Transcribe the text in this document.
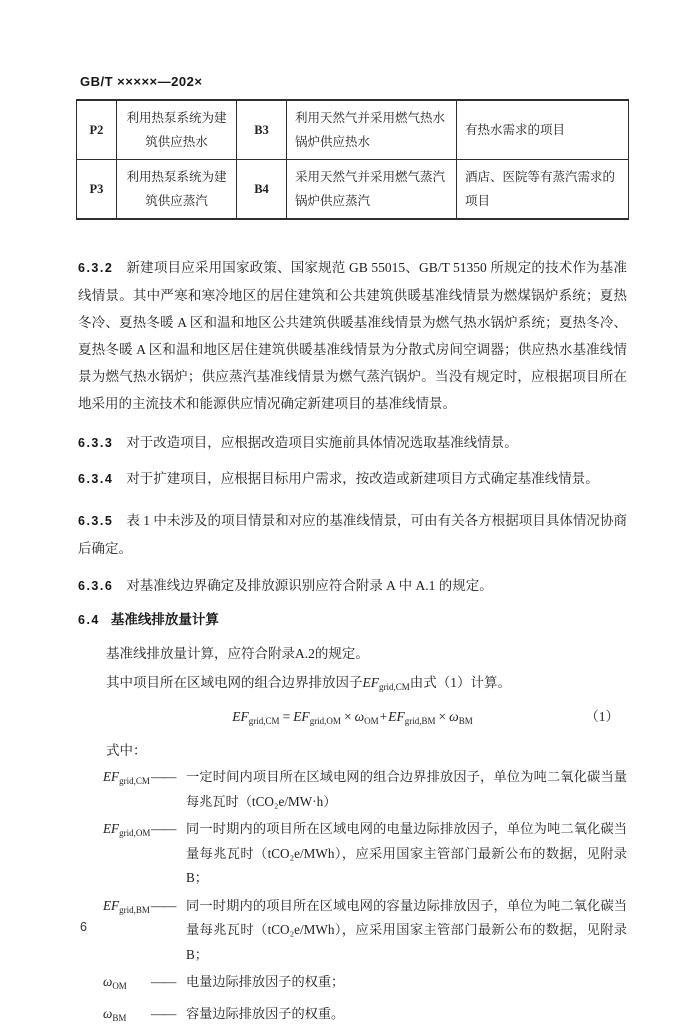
GB/T ×××××—202×
P2	利用热泵系统为建筑供应热水	B3	利用天然气并采用燃气热水锅炉供应热水	有热水需求的项目
P3	利用热泵系统为建筑供应蒸汽	B4	采用天然气并采用燃气蒸汽锅炉供应蒸汽	酒店、医院等有蒸汽需求的项目

6.3.2 新建项目应采用国家政策、国家规范 GB 55015、GB/T 51350 所规定的技术作为基准线情景。其中严寒和寒冷地区的居住建筑和公共建筑供暖基准线情景为燃煤锅炉系统；夏热冬冷、夏热冬暖 A 区和温和地区公共建筑供暖基准线情景为燃气热水锅炉系统；夏热冬冷、夏热冬暖 A 区和温和地区居住建筑供暖基准线情景为分散式房间空调器；供应热水基准线情景为燃气热水锅炉；供应蒸汽基准线情景为燃气蒸汽锅炉。当没有规定时，应根据项目所在地采用的主流技术和能源供应情况确定新建项目的基准线情景。

6.3.3 对于改造项目，应根据改造项目实施前具体情况选取基准线情景。

6.3.4 对于扩建项目，应根据目标用户需求，按改造或新建项目方式确定基准线情景。

6.3.5 表 1 中未涉及的项目情景和对应的基准线情景，可由有关各方根据项目具体情况协商后确定。

6.3.6 对基准线边界确定及排放源识别应符合附录 A 中 A.1 的规定。

6.4 基准线排放量计算

基准线排放量计算，应符合附录A.2的规定。

其中项目所在区域电网的组合边界排放因子$EF_{grid,CM}$由式（1）计算。

$EF_{grid,CM} = EF_{grid,OM} \times \omega_{OM}+EF_{grid,BM} \times \omega_{BM}$	（1）

式中：

$EF_{grid,CM}$ —— 一定时间内项目所在区域电网的组合边界排放因子，单位为吨二氧化碳当量每兆瓦时（tCO₂e/MW·h）
$EF_{grid,OM}$ —— 同一时期内的项目所在区域电网的电量边际排放因子，单位为吨二氧化碳当量每兆瓦时（tCO₂e/MWh），应采用国家主管部门最新公布的数据，见附录 B；
$EF_{grid,BM}$ —— 同一时期内的项目所在区域电网的容量边际排放因子，单位为吨二氧化碳当量每兆瓦时（tCO₂e/MWh），应采用国家主管部门最新公布的数据，见附录 B；
$\omega_{OM}$	—— 电量边际排放因子的权重；
$\omega_{BM}$	—— 容量边际排放因子的权重。
6
